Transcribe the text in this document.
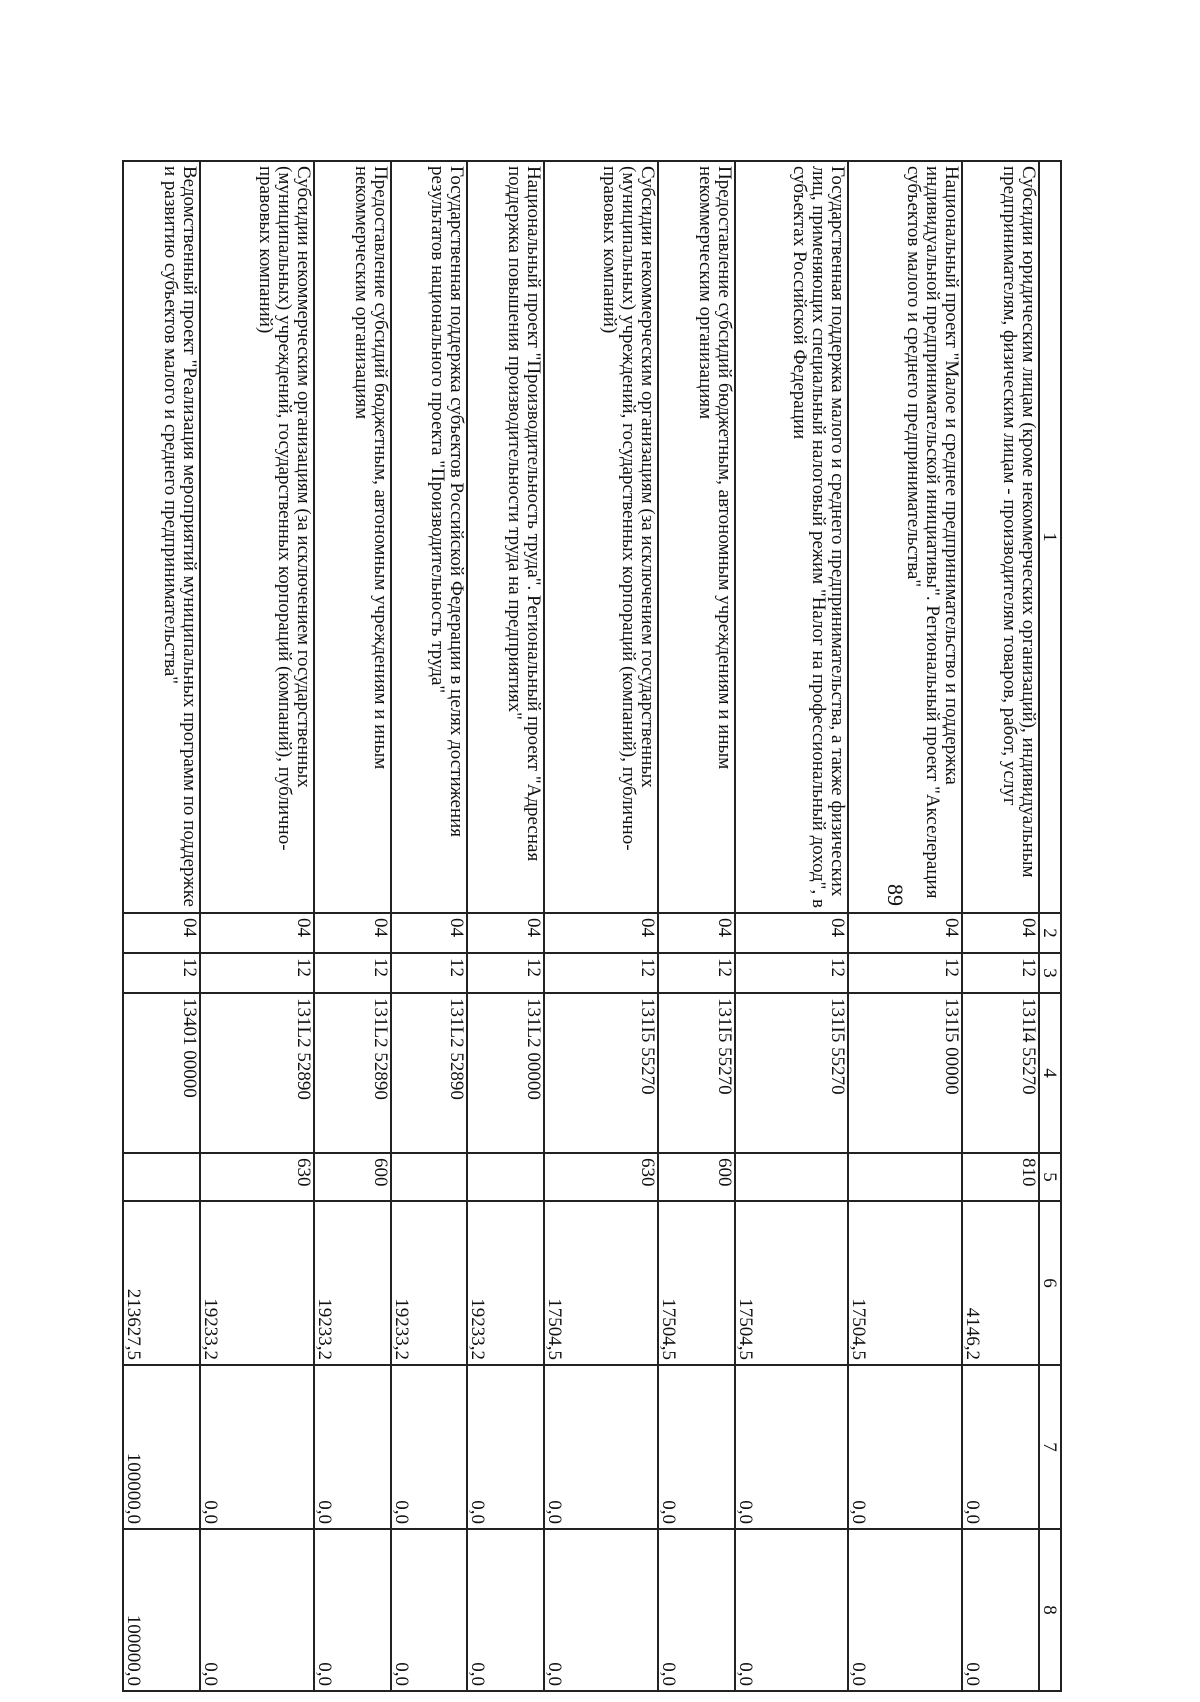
89
1	2	3	4	5	6	7	8
Субсидии юридическим лицам (кроме некоммерческих организаций), индивидуальным предпринимателям, физическим лицам - производителям товаров, работ, услуг	04	12	131I4 55270	810	4146,2	0,0	0,0
Национальный проект "Малое и среднее предпринимательство и поддержка индивидуальной предпринимательской инициативы". Региональный проект "Акселерация субъектов малого и среднего предпринимательства"	04	12	131I5 00000		17504,5	0,0	0,0
Государственная поддержка малого и среднего предпринимательства, а также физических лиц, применяющих специальный налоговый режим "Налог на профессиональный доход", в субъектах Российской Федерации	04	12	131I5 55270		17504,5	0,0	0,0
Предоставление субсидий бюджетным, автономным учреждениям и иным некоммерческим организациям	04	12	131I5 55270	600	17504,5	0,0	0,0
Субсидии некоммерческим организациям (за исключением государственных (муниципальных) учреждений, государственных корпораций (компаний), публично-правовых компаний)	04	12	131I5 55270	630	17504,5	0,0	0,0
Национальный проект "Производительность труда". Региональный проект "Адресная поддержка повышения производительности труда на предприятиях"	04	12	131L2 00000		19233,2	0,0	0,0
Государственная поддержка субъектов Российской Федерации в целях достижения результатов национального проекта "Производительность труда"	04	12	131L2 52890		19233,2	0,0	0,0
Предоставление субсидий бюджетным, автономным учреждениям и иным некоммерческим организациям	04	12	131L2 52890	600	19233,2	0,0	0,0
Субсидии некоммерческим организациям (за исключением государственных (муниципальных) учреждений, государственных корпораций (компаний), публично-правовых компаний)	04	12	131L2 52890	630	19233,2	0,0	0,0
Ведомственный проект "Реализация мероприятий муниципальных программ по поддержке и развитию субъектов малого и среднего предпринимательства"	04	12	13401 00000		213627,5	100000,0	100000,0
